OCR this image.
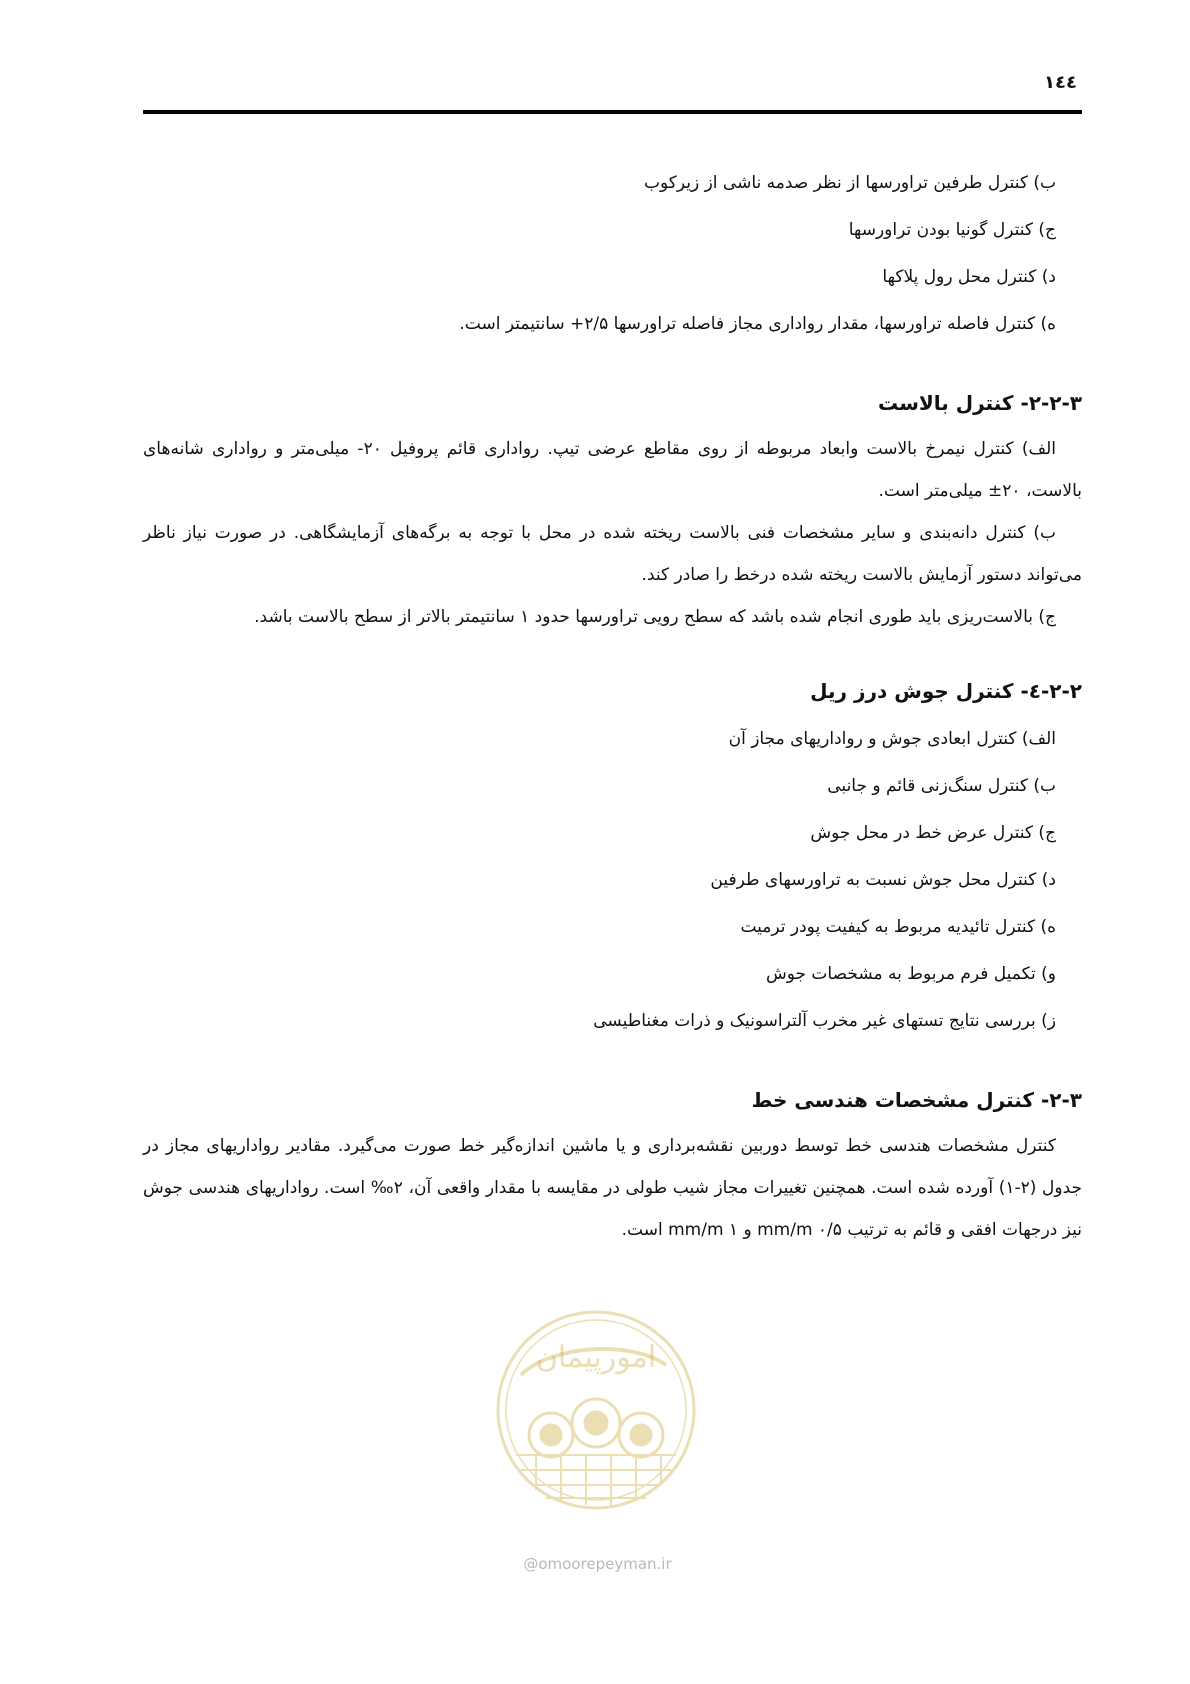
۱٤٤

ب) کنترل طرفین تراورسها از نظر صدمه ناشی از زیرکوب

ج) کنترل گونیا بودن تراورسها

د) کنترل محل رول پلاکها

ه) کنترل فاصله تراورسها، مقدار رواداری مجاز فاصله تراورسها ۲/۵+ سانتیمتر است.

۲-۲-۳- کنترل بالاست

الف) کنترل نیمرخ بالاست وابعاد مربوطه از روی مقاطع عرضی تیپ. رواداری قائم پروفیل ۲۰- میلی‌متر و رواداری شانه‌های بالاست، ۲۰± میلی‌متر است.

ب) کنترل دانه‌بندی و سایر مشخصات فنی بالاست ریخته شده در محل با توجه به برگه‌های آزمایشگاهی. در صورت نیاز ناظر می‌تواند دستور آزمایش بالاست ریخته شده درخط را صادر کند.

ج) بالاست‌ریزی باید طوری انجام شده باشد که سطح رویی تراورسها حدود ۱ سانتیمتر بالاتر از سطح بالاست باشد.

۲-۲-٤- کنترل جوش درز ریل

الف) کنترل ابعادی جوش و رواداریهای مجاز آن

ب) کنترل سنگ‌زنی قائم و جانبی

ج) کنترل عرض خط در محل جوش

د) کنترل محل جوش نسبت به تراورسهای طرفین

ه) کنترل تائیدیه مربوط به کیفیت پودر ترمیت

و) تکمیل فرم مربوط به مشخصات جوش

ز) بررسی نتایج تستهای غیر مخرب آلتراسونیک و ذرات مغناطیسی

۲-۳- کنترل مشخصات هندسی خط

کنترل مشخصات هندسی خط توسط دوربین نقشه‌برداری و یا ماشین اندازه‌گیر خط صورت می‌گیرد. مقادیر رواداریهای مجاز در جدول (۲-۱) آورده شده است. همچنین تغییرات مجاز شیب طولی در مقایسه با مقدار واقعی آن، ۲‰ است. رواداریهای هندسی جوش نیز درجهات افقی و قائم به ترتیب mm/m ۰/۵ و mm/m ۱ است.

امورپیمان
@omoorepeyman.ir
